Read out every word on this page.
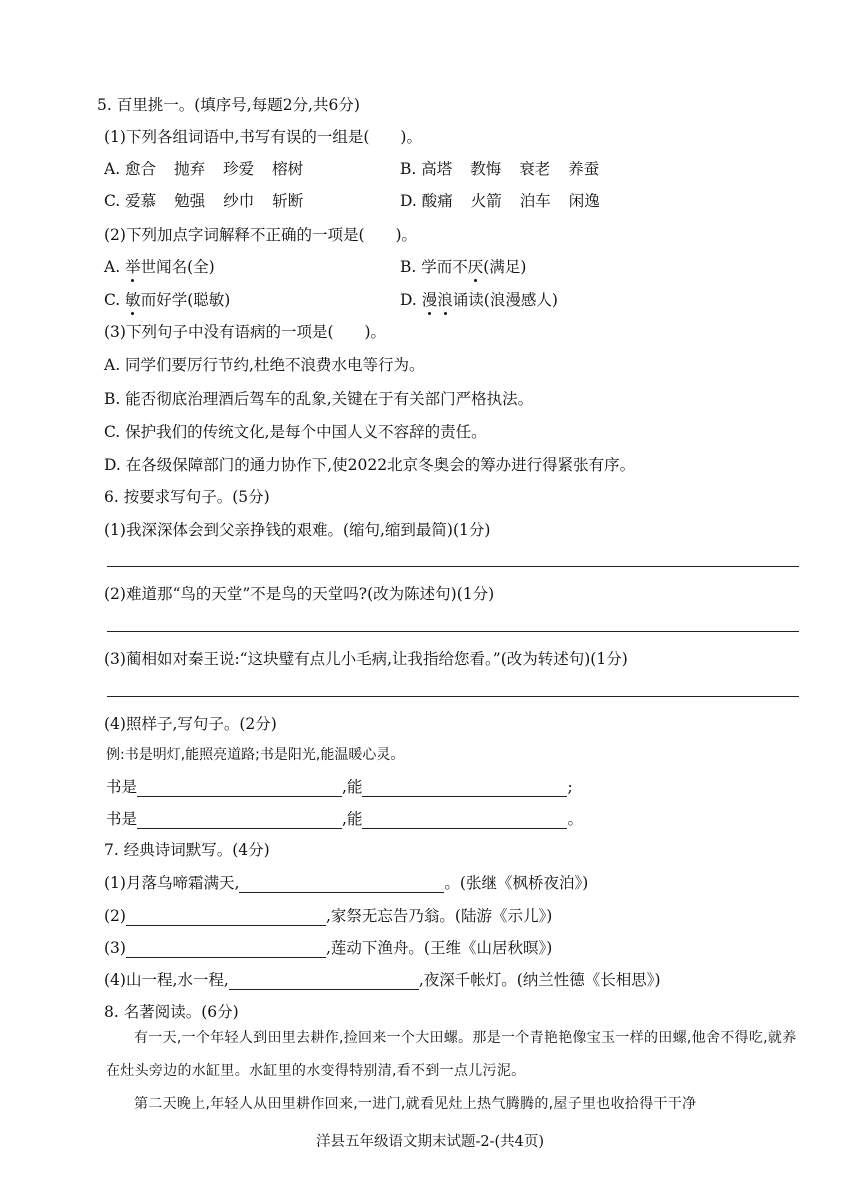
5. 百里挑一。(填序号,每题2分,共6分)
(1)下列各组词语中,书写有误的一组是(　　)。
A. 愈合 抛弃 珍爱 榕树	B. 高塔 教悔 衰老 养蚕
C. 爱慕 勉强 纱巾 斩断	D. 酸痛 火箭 泊车 闲逸
(2)下列加点字词解释不正确的一项是(　　)。
A. 举世闻名(全)	B. 学而不厌(满足)
C. 敏而好学(聪敏)	D. 漫浪诵读(浪漫感人)
(3)下列句子中没有语病的一项是(　　)。
A. 同学们要厉行节约,杜绝不浪费水电等行为。
B. 能否彻底治理酒后驾车的乱象,关键在于有关部门严格执法。
C. 保护我们的传统文化,是每个中国人义不容辞的责任。
D. 在各级保障部门的通力协作下,使2022北京冬奥会的筹办进行得紧张有序。
6. 按要求写句子。(5分)
(1)我深深体会到父亲挣钱的艰难。(缩句,缩到最简)(1分)
(2)难道那“鸟的天堂”不是鸟的天堂吗?(改为陈述句)(1分)
(3)蔺相如对秦王说:“这块璧有点儿小毛病,让我指给您看。”(改为转述句)(1分)
(4)照样子,写句子。(2分)
例:书是明灯,能照亮道路;书是阳光,能温暖心灵。
书是	,能	;
书是	,能	。
7. 经典诗词默写。(4分)
(1)月落乌啼霜满天,	。(张继《枫桥夜泊》)
(2)	,家祭无忘告乃翁。(陆游《示儿》)
(3)	,莲动下渔舟。(王维《山居秋暝》)
(4)山一程,水一程,	,夜深千帐灯。(纳兰性德《长相思》)
8. 名著阅读。(6分)
有一天,一个年轻人到田里去耕作,捡回来一个大田螺。那是一个青艳艳像宝玉一样的田螺,他舍不得吃,就养在灶头旁边的水缸里。水缸里的水变得特别清,看不到一点儿污泥。
第二天晚上,年轻人从田里耕作回来,一进门,就看见灶上热气腾腾的,屋子里也收拾得干干净
洋县五年级语文期末试题-2-(共4页)
